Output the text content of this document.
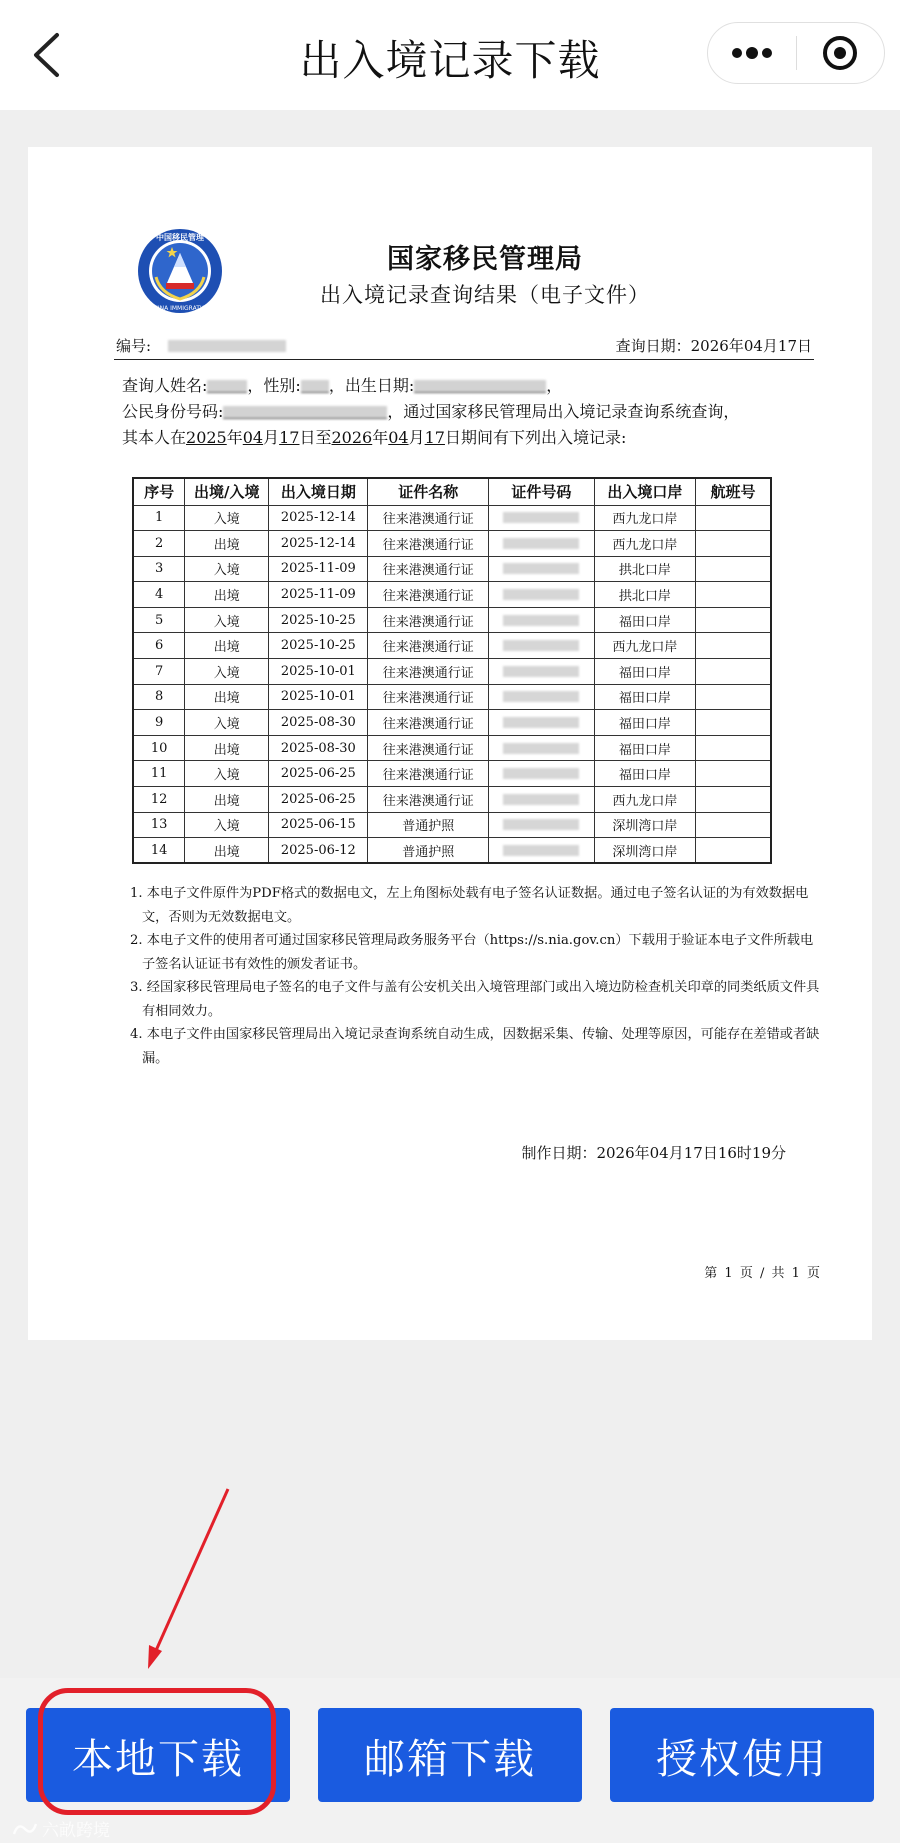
出入境记录下载
中国移民管理
CHINA IMMIGRATION
国家移民管理局
出入境记录查询结果（电子文件）
编号:	查询日期：2026年04月17日
查询人姓名:	，性别: ，出生日期:	，
公民身份号码:	，通过国家移民管理局出入境记录查询系统查询，
其本人在2025年04月17日至2026年04月17日期间有下列出入境记录:
序号	出境/入境	出入境日期	证件名称	证件号码	出入境口岸	航班号
1	入境	2025-12-14	往来港澳通行证		西九龙口岸	
2	出境	2025-12-14	往来港澳通行证		西九龙口岸	
3	入境	2025-11-09	往来港澳通行证		拱北口岸	
4	出境	2025-11-09	往来港澳通行证		拱北口岸	
5	入境	2025-10-25	往来港澳通行证		福田口岸	
6	出境	2025-10-25	往来港澳通行证		西九龙口岸	
7	入境	2025-10-01	往来港澳通行证		福田口岸	
8	出境	2025-10-01	往来港澳通行证		福田口岸	
9	入境	2025-08-30	往来港澳通行证		福田口岸	
10	出境	2025-08-30	往来港澳通行证		福田口岸	
11	入境	2025-06-25	往来港澳通行证		福田口岸	
12	出境	2025-06-25	往来港澳通行证		西九龙口岸	
13	入境	2025-06-15	普通护照		深圳湾口岸	
14	出境	2025-06-12	普通护照		深圳湾口岸	
1. 本电子文件原件为PDF格式的数据电文，左上角图标处载有电子签名认证数据。通过电子签名认证的为有效数据电文，否则为无效数据电文。
2. 本电子文件的使用者可通过国家移民管理局政务服务平台（https://s.nia.gov.cn）下载用于验证本电子文件所载电子签名认证证书有效性的颁发者证书。
3. 经国家移民管理局电子签名的电子文件与盖有公安机关出入境管理部门或出入境边防检查机关印章的同类纸质文件具有相同效力。
4. 本电子文件由国家移民管理局出入境记录查询系统自动生成，因数据采集、传输、处理等原因，可能存在差错或者缺漏。
制作日期：2026年04月17日16时19分
第 1 页 / 共 1 页
本地下载	邮箱下载	授权使用
六畝跨境
